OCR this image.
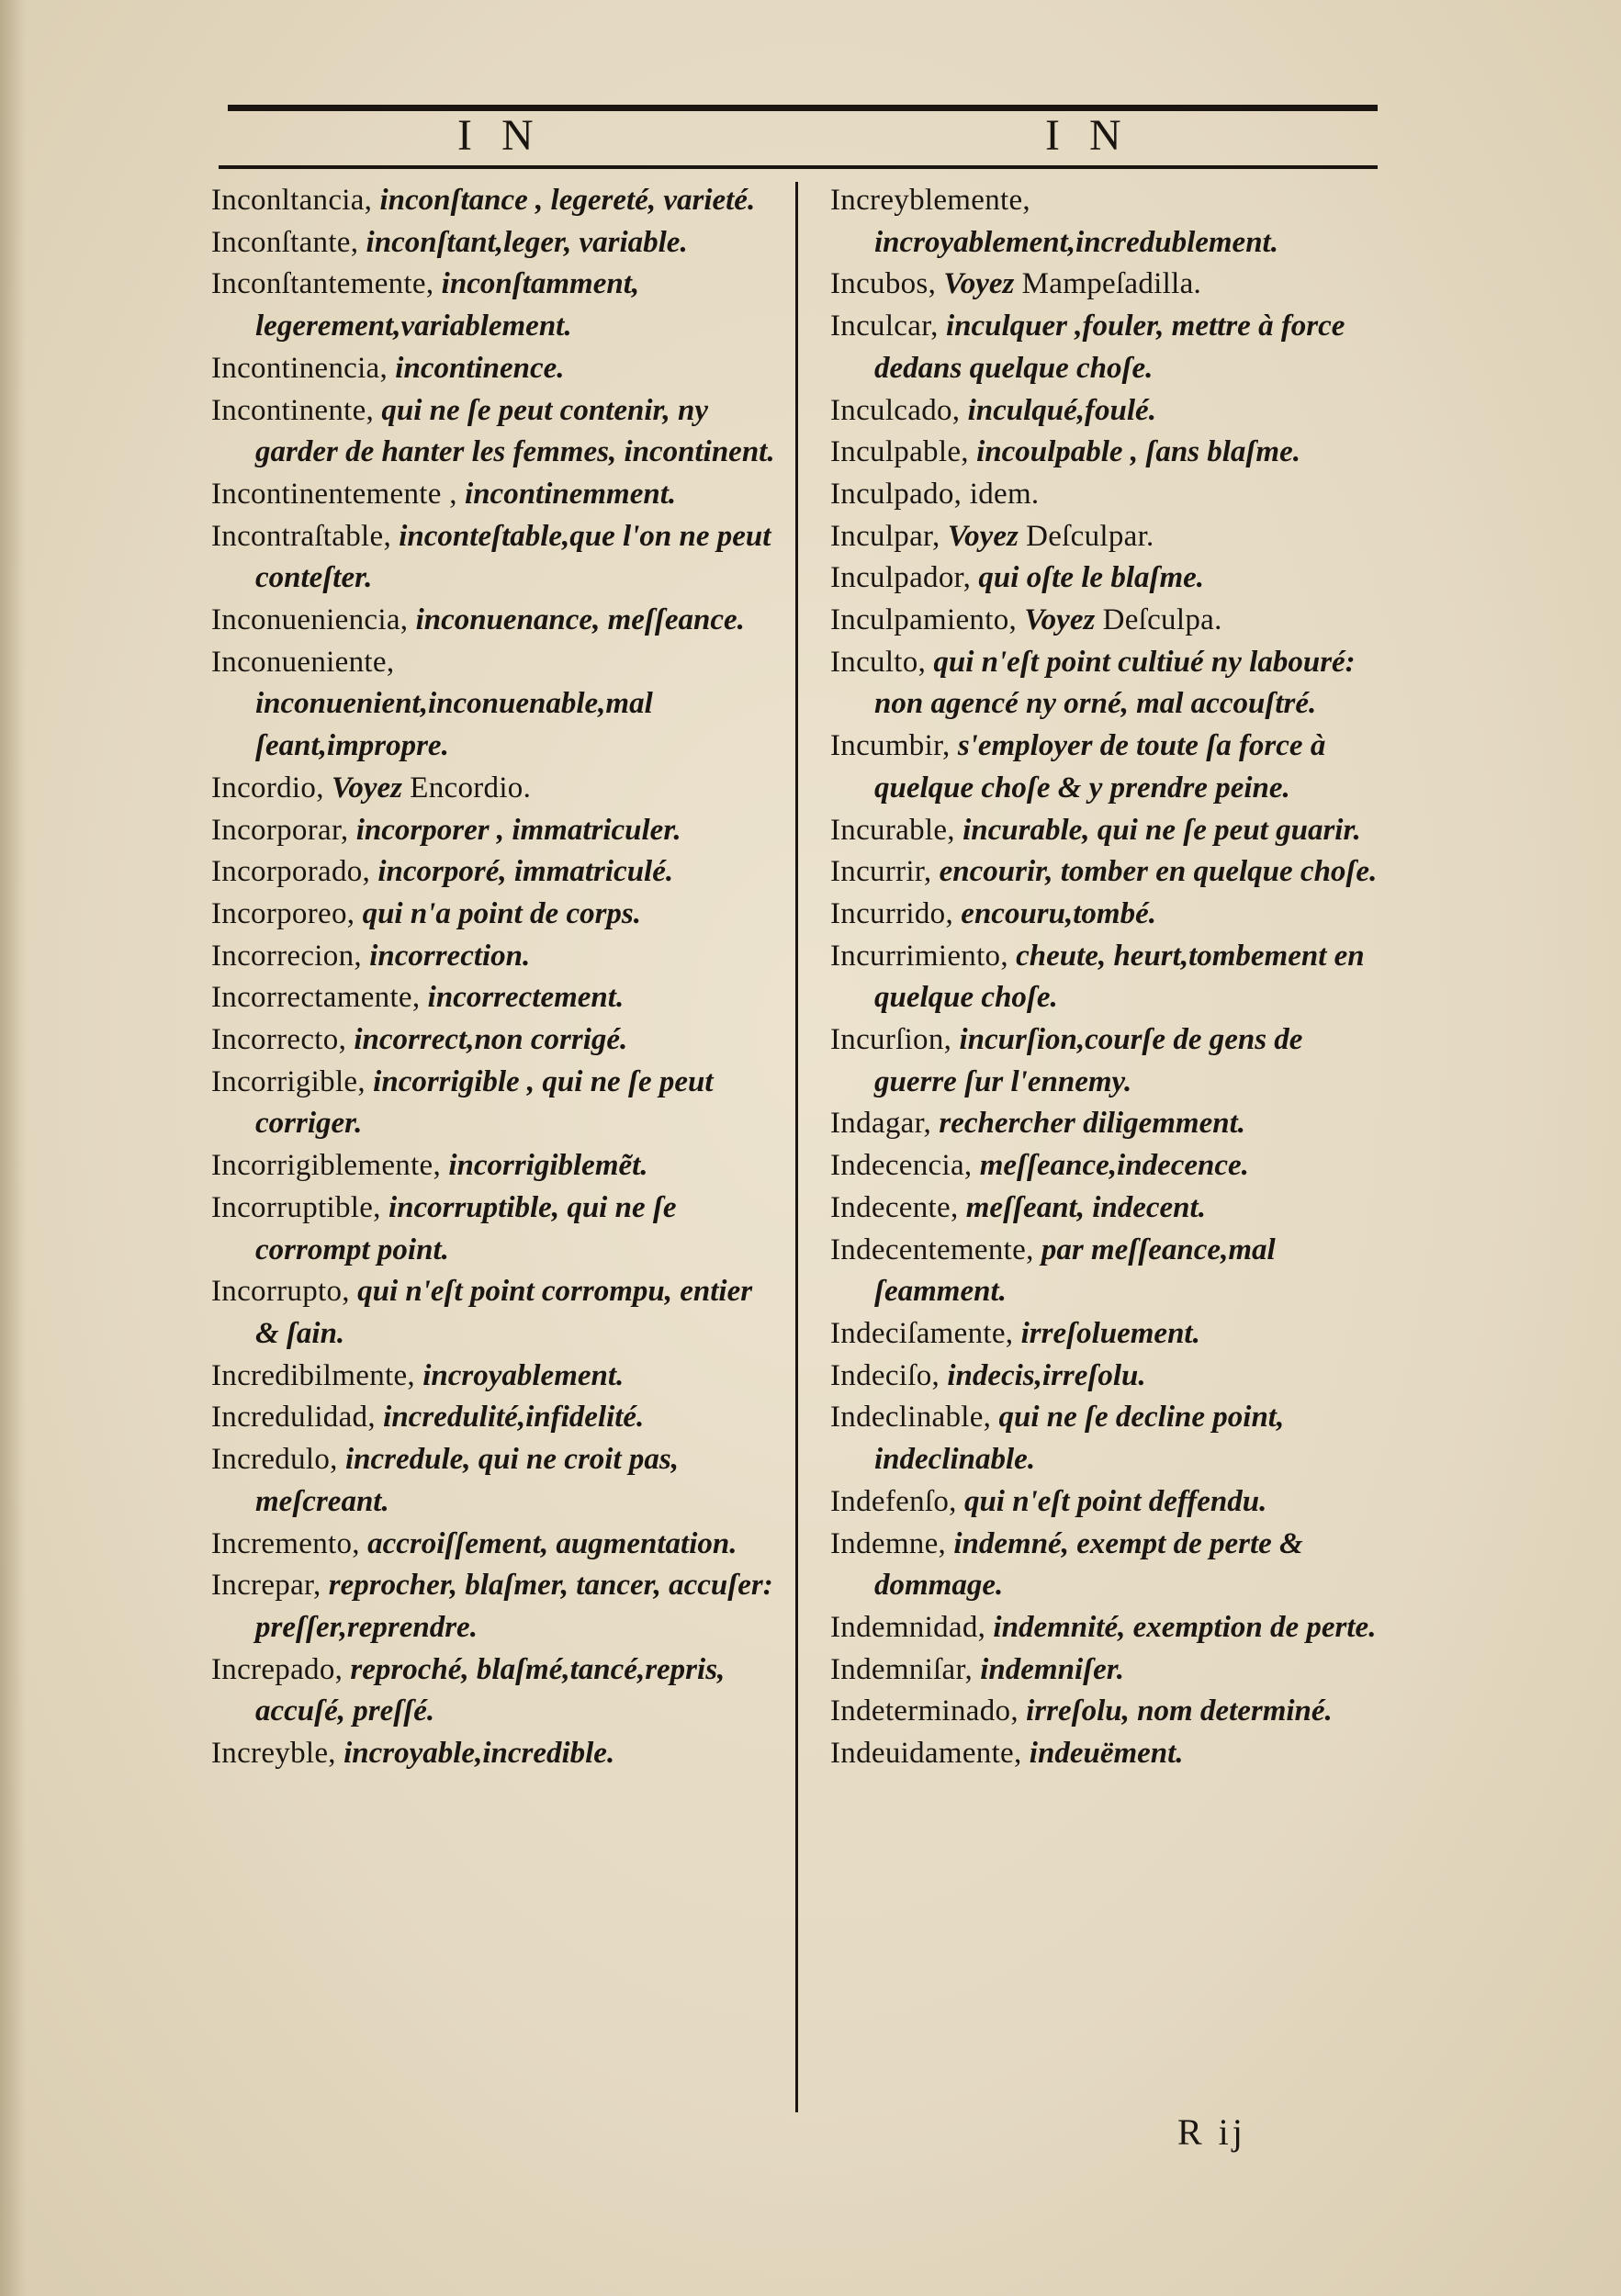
I N	I N

Inconltancia, inconſtance , legereté, varieté.

Inconſtante, inconſtant,leger, variable.

Inconſtantemente, inconſtamment, legerement,variablement.

Incontinencia, incontinence.

Incontinente, qui ne ſe peut contenir, ny garder de hanter les femmes, incontinent.

Incontinentemente , incontinemment.

Incontraſtable, inconteſtable,que l'on ne peut conteſter.

Inconueniencia, inconuenance, meſſeance.

Inconueniente, inconuenient,inconuenable,mal ſeant,impropre.

Incordio, Voyez Encordio.

Incorporar, incorporer , immatriculer.

Incorporado, incorporé, immatriculé.

Incorporeo, qui n'a point de corps.

Incorrecion, incorrection.

Incorrectamente, incorrectement.

Incorrecto, incorrect,non corrigé.

Incorrigible, incorrigible , qui ne ſe peut corriger.

Incorrigiblemente, incorrigiblemẽt.

Incorruptible, incorruptible, qui ne ſe corrompt point.

Incorrupto, qui n'eſt point corrompu, entier & ſain.

Incredibilmente, incroyablement.

Incredulidad, incredulité,infidelité.

Incredulo, incredule, qui ne croit pas, meſcreant.

Incremento, accroiſſement, augmentation.

Increpar, reprocher, blaſmer, tancer, accuſer: preſſer,reprendre.

Increpado, reproché, blaſmé,tancé,repris, accuſé, preſſé.

Increyble, incroyable,incredible.

Increyblemente, incroyablement,incredublement.

Incubos, Voyez Mampeſadilla.

Inculcar, inculquer ,fouler, mettre à force dedans quelque choſe.

Inculcado, inculqué,foulé.

Inculpable, incoulpable , ſans blaſme.

Inculpado, idem.

Inculpar, Voyez Deſculpar.

Inculpador, qui oſte le blaſme.

Inculpamiento, Voyez Deſculpa.

Inculto, qui n'eſt point cultiué ny labouré: non agencé ny orné, mal accouſtré.

Incumbir, s'employer de toute ſa force à quelque choſe & y prendre peine.

Incurable, incurable, qui ne ſe peut guarir.

Incurrir, encourir, tomber en quelque choſe.

Incurrido, encouru,tombé.

Incurrimiento, cheute, heurt,tombement en quelque choſe.

Incurſion, incurſion,courſe de gens de guerre ſur l'ennemy.

Indagar, rechercher diligemment.

Indecencia, meſſeance,indecence.

Indecente, meſſeant, indecent.

Indecentemente, par meſſeance,mal ſeamment.

Indeciſamente, irreſoluement.

Indeciſo, indecis,irreſolu.

Indeclinable, qui ne ſe decline point, indeclinable.

Indefenſo, qui n'eſt point deffendu.

Indemne, indemné, exempt de perte & dommage.

Indemnidad, indemnité, exemption de perte.

Indemniſar, indemniſer.

Indeterminado, irreſolu, nom determiné.

Indeuidamente, indeuëment.

R ij
